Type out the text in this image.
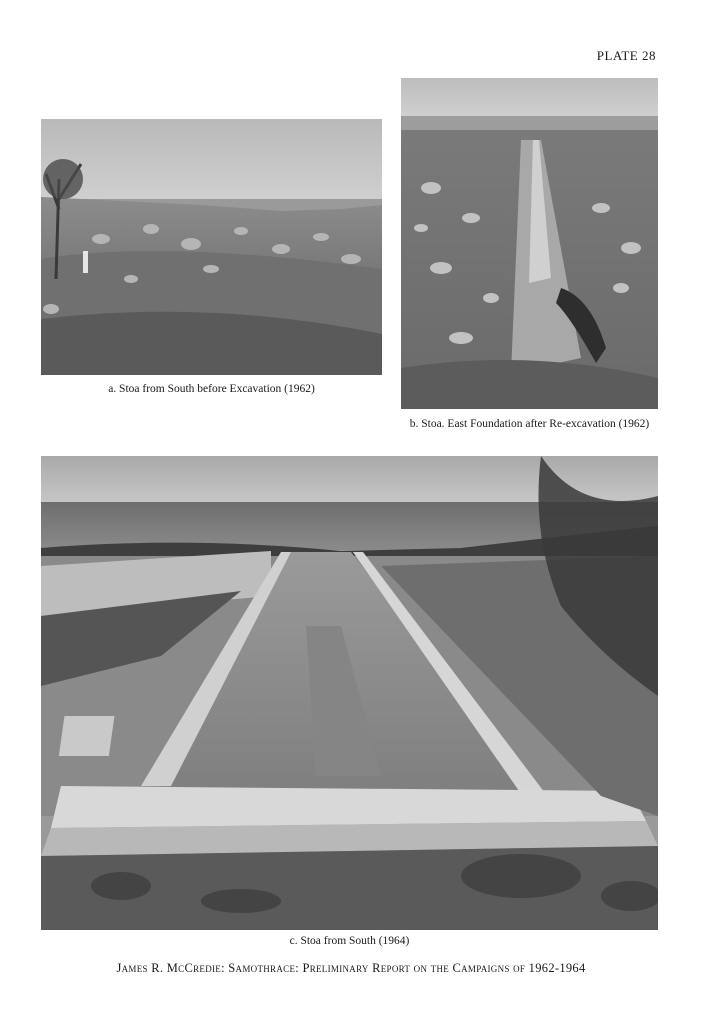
PLATE 28
a. Stoa from South before Excavation (1962)
b. Stoa. East Foundation after Re-excavation (1962)
c. Stoa from South (1964)
James R. McCredie: Samothrace: Preliminary Report on the Campaigns of 1962-1964
